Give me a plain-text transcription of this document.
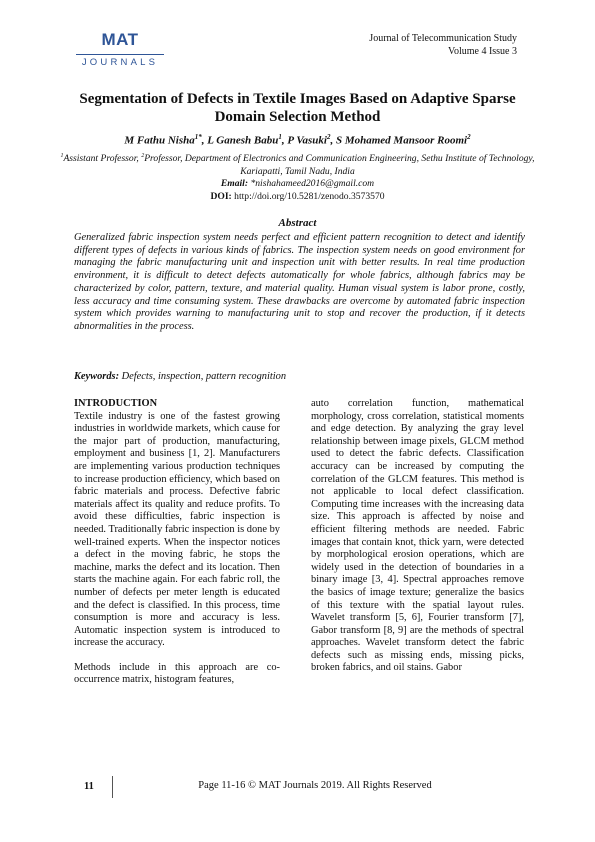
MAT
JOURNALS
Journal of Telecommunication Study
Volume 4 Issue 3
Segmentation of Defects in Textile Images Based on Adaptive Sparse Domain Selection Method
M Fathu Nisha$^{1*}$, L Ganesh Babu$^1$, P Vasuki$^2$, S Mohamed Mansoor Roomi$^2$
$^1$Assistant Professor, $^2$Professor, Department of Electronics and Communication Engineering, Sethu Institute of Technology, Kariapatti, Tamil Nadu, India
Email: *nishahameed2016@gmail.com
DOI: http://doi.org/10.5281/zenodo.3573570
Abstract
Generalized fabric inspection system needs perfect and efficient pattern recognition to detect and identify different types of defects in various kinds of fabrics. The inspection system needs on good environment for managing the fabric manufacturing unit and inspection unit with better results. In real time production environment, it is difficult to detect defects automatically for whole fabrics, although fabrics may be characterized by color, pattern, texture, and material quality. Human visual system is labor prone, costly, less accuracy and time consuming system. These drawbacks are overcome by automated fabric inspection system which provides warning to manufacturing unit to stop and recover the production, if it detects abnormalities in the process.
Keywords: Defects, inspection, pattern recognition
INTRODUCTION

Textile industry is one of the fastest growing industries in worldwide markets, which cause for the major part of production, manufacturing, employment and business [1, 2]. Manufacturers are implementing various production techniques to increase production efficiency, which based on fabric materials and process. Defective fabric materials affect its quality and reduce profits. To avoid these difficulties, fabric inspection is needed. Traditionally fabric inspection is done by well-trained experts. When the inspector notices a defect in the moving fabric, he stops the machine, marks the defect and its location. Then starts the machine again. For each fabric roll, the number of defects per meter length is educated and the defect is classified. In this process, time consumption is more and accuracy is less. Automatic inspection system is introduced to increase the accuracy.

Methods include in this approach are co-occurrence matrix, histogram features,

auto correlation function, mathematical morphology, cross correlation, statistical moments and edge detection. By analyzing the gray level relationship between image pixels, GLCM method used to detect the fabric defects. Classification accuracy can be increased by computing the correlation of the GLCM features. This method is not applicable to local defect classification. Computing time increases with the increasing data size. This approach is affected by noise and efficient filtering methods are needed. Fabric images that contain knot, thick yarn, were detected by morphological erosion operations, which are widely used in the detection of boundaries in a binary image [3, 4]. Spectral approaches remove the basics of image texture; generalize the basics of this texture with the spatial layout rules. Wavelet transform [5, 6], Fourier transform [7], Gabor transform [8, 9] are the methods of spectral approaches. Wavelet transform detect the fabric defects such as missing ends, missing picks, broken fabrics, and oil stains. Gabor

11	Page 11-16 © MAT Journals 2019. All Rights Reserved
